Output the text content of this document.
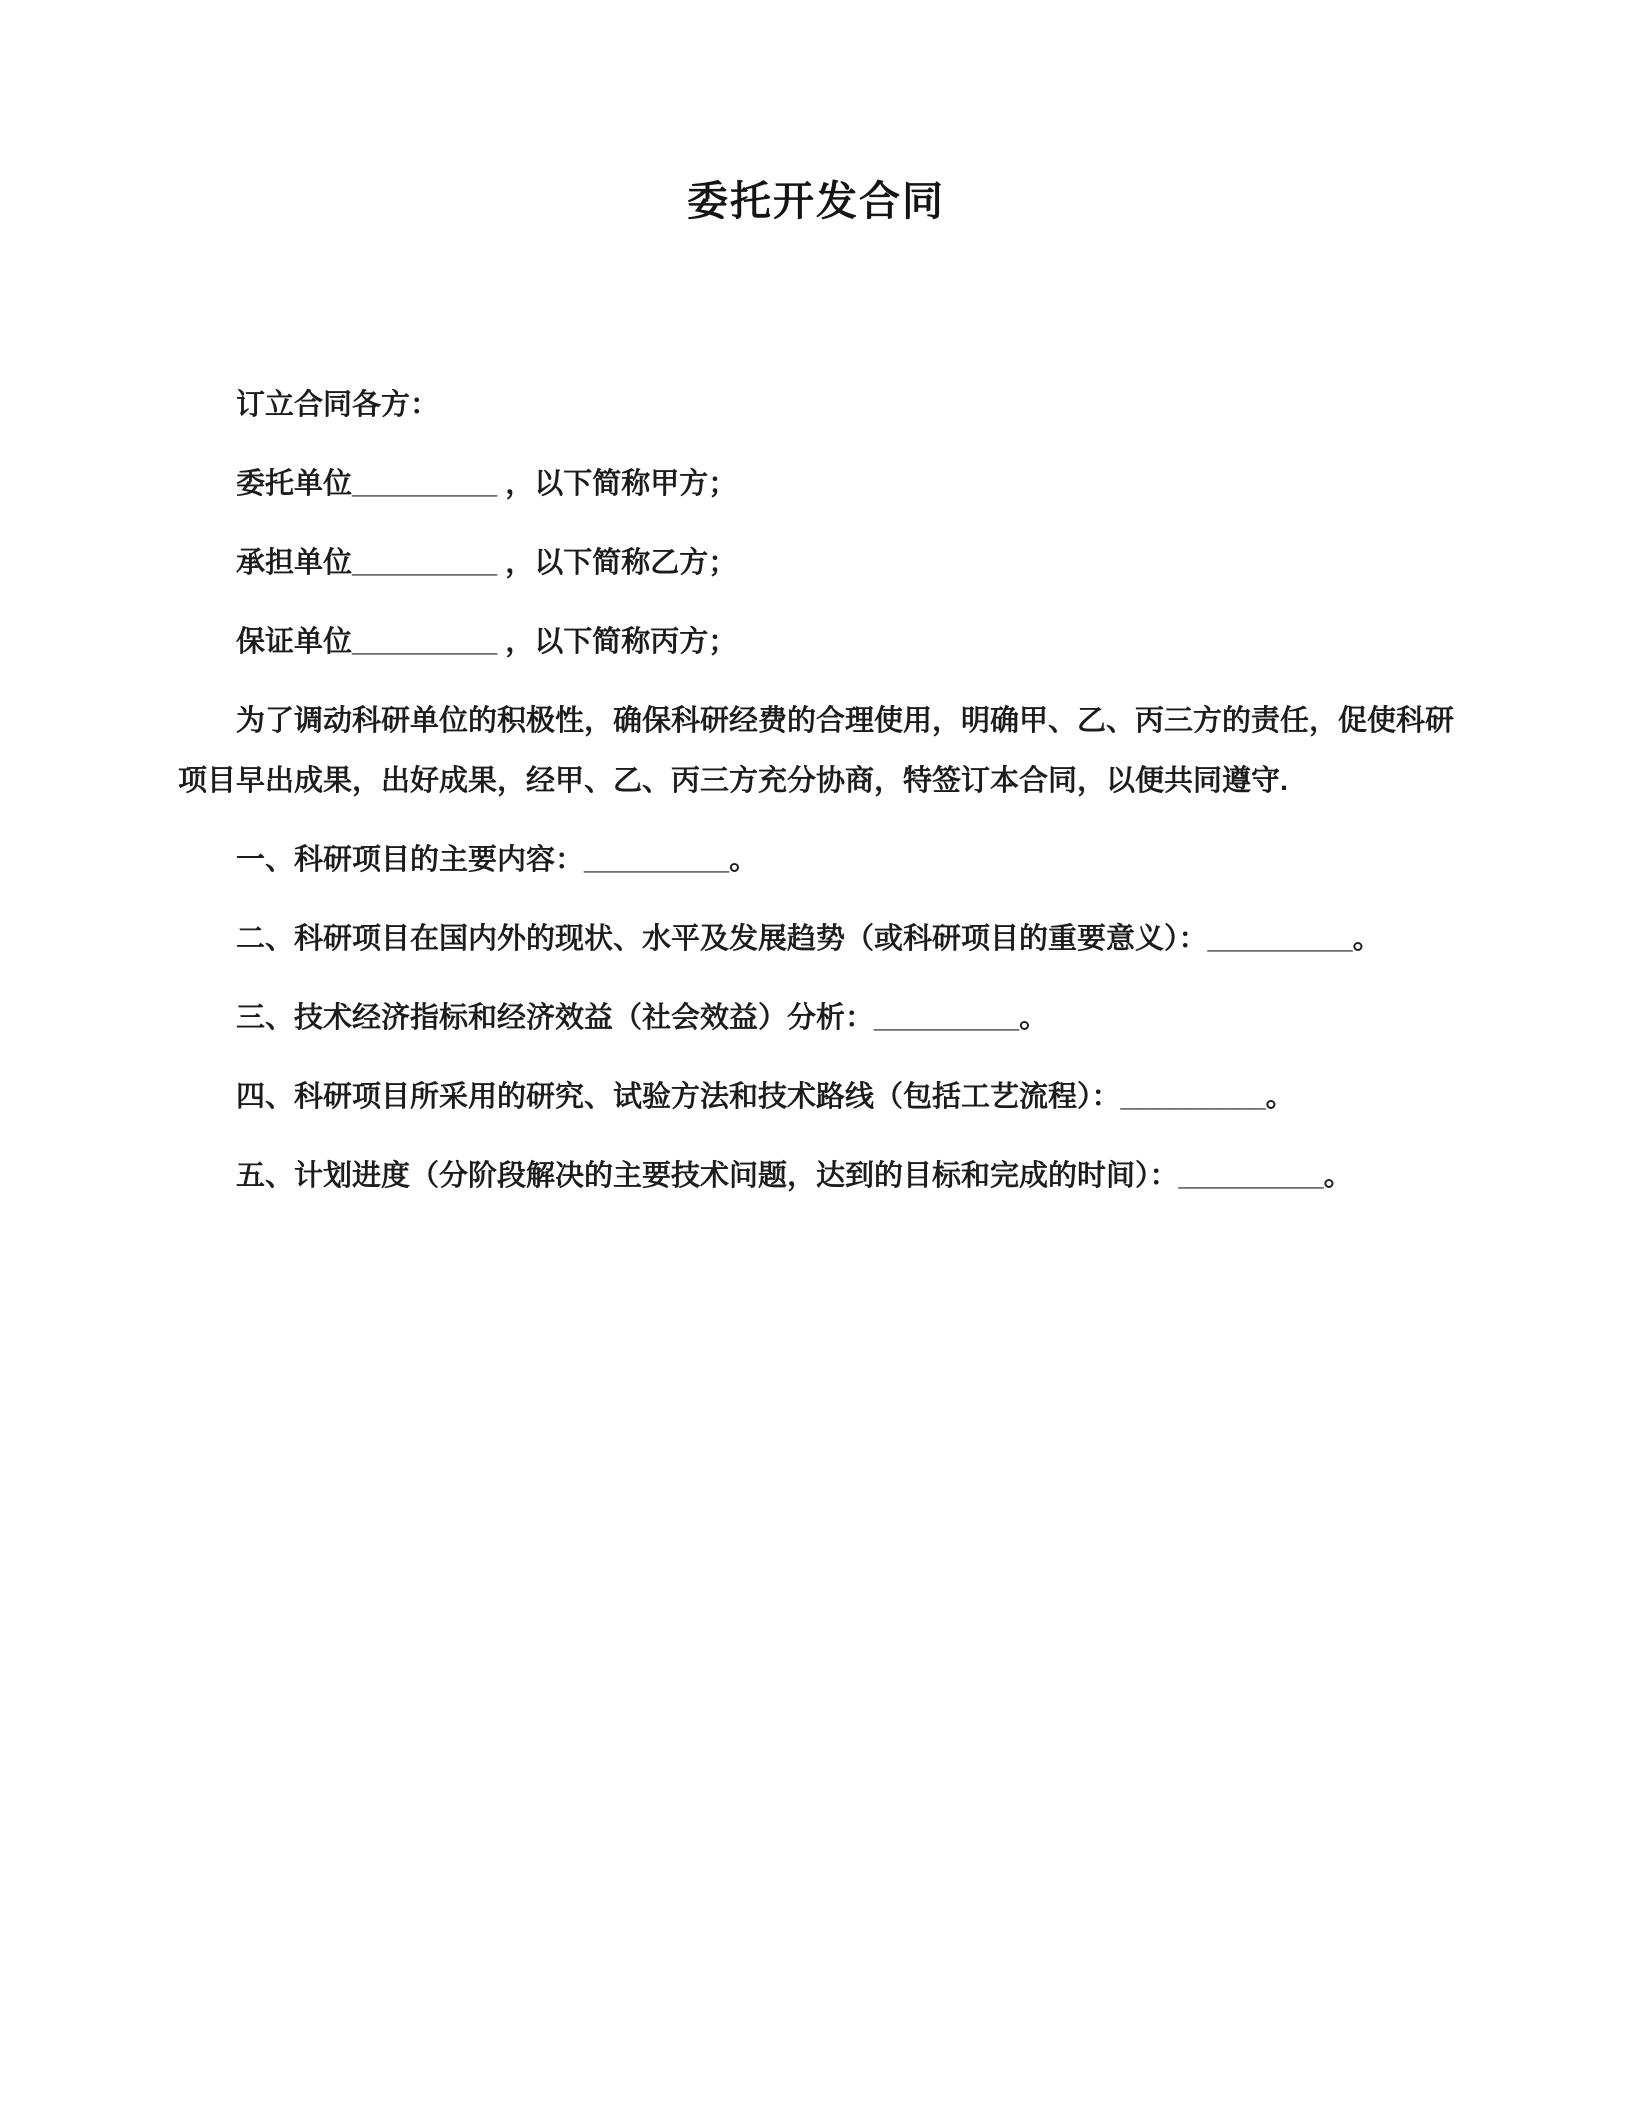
委托开发合同

订立合同各方：

委托单位_________ ，以下简称甲方；

承担单位_________ ，以下简称乙方；

保证单位_________ ，以下简称丙方；

为了调动科研单位的积极性，确保科研经费的合理使用，明确甲、乙、丙三方的责任，促使科研项目早出成果，出好成果，经甲、乙、丙三方充分协商，特签订本合同，以便共同遵守.

一、科研项目的主要内容：_________。

二、科研项目在国内外的现状、水平及发展趋势（或科研项目的重要意义）：_________。

三、技术经济指标和经济效益（社会效益）分析：_________。

四、科研项目所采用的研究、试验方法和技术路线（包括工艺流程）：_________。

五、计划进度（分阶段解决的主要技术问题，达到的目标和完成的时间）：_________。
